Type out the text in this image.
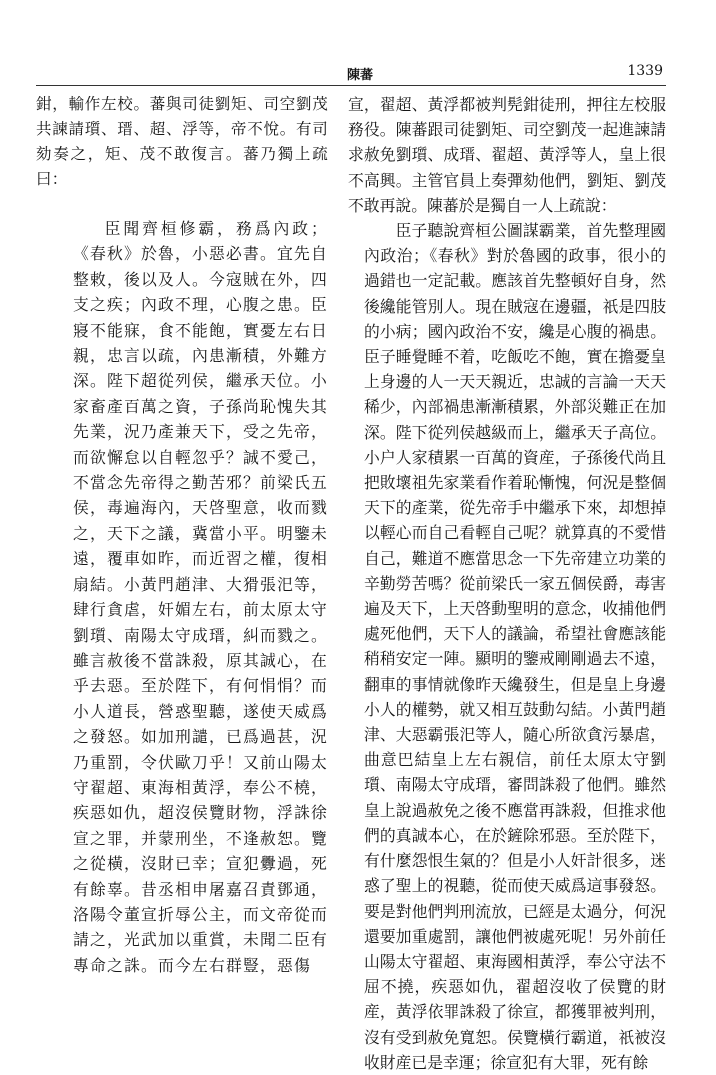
陳蕃	1339

鉗，輸作左校。蕃與司徒劉矩、司空劉茂共諫請瓆、瑨、超、浮等，帝不悅。有司劾奏之，矩、茂不敢復言。蕃乃獨上疏曰：

臣聞齊桓修霸，務爲內政；《春秋》於魯，小惡必書。宜先自整敕，後以及人。今寇賊在外，四支之疾；內政不理，心腹之患。臣寢不能寐，食不能飽，實憂左右日親，忠言以疏，內患漸積，外難方深。陛下超從列侯，繼承天位。小家畜產百萬之資，子孫尚恥愧失其先業，況乃產兼天下，受之先帝，而欲懈怠以自輕忽乎？誠不愛己，不當念先帝得之勤苦邪？前梁氏五侯，毒遍海內，天啓聖意，收而戮之，天下之議，冀當小平。明鑒未遠，覆車如昨，而近習之權，復相扇結。小黃門趙津、大猾張汜等，肆行貪虐，奸媚左右，前太原太守劉瓆、南陽太守成瑨，糾而戮之。雖言赦後不當誅殺，原其誠心，在乎去惡。至於陛下，有何悁悁？而小人道長，營惑聖聽，遂使天威爲之發怒。如加刑譴，已爲過甚，況乃重罰，令伏歐刀乎！又前山陽太守翟超、東海相黃浮，奉公不橈，疾惡如仇，超沒侯覽財物，浮誅徐宣之罪，并蒙刑坐，不逢赦恕。覽之從橫，沒財已幸；宣犯釁過，死有餘辜。昔丞相申屠嘉召責鄧通，洛陽令董宣折辱公主，而文帝從而請之，光武加以重賞，未聞二臣有專命之誅。而今左右群豎，惡傷

宣，翟超、黃浮都被判髡鉗徒刑，押往左校服務役。陳蕃跟司徒劉矩、司空劉茂一起進諫請求赦免劉瓆、成瑨、翟超、黃浮等人，皇上很不高興。主管官員上奏彈劾他們，劉矩、劉茂不敢再說。陳蕃於是獨自一人上疏說：

臣子聽說齊桓公圖謀霸業，首先整理國內政治；《春秋》對於魯國的政事，很小的過錯也一定記載。應該首先整頓好自身，然後纔能管別人。現在賊寇在邊疆，祇是四肢的小病；國內政治不安，纔是心腹的禍患。臣子睡覺睡不着，吃飯吃不飽，實在擔憂皇上身邊的人一天天親近，忠誠的言論一天天稀少，內部禍患漸漸積累，外部災難正在加深。陛下從列侯越級而上，繼承天子高位。小户人家積累一百萬的資産，子孫後代尚且把敗壞祖先家業看作着恥慚愧，何況是整個天下的產業，從先帝手中繼承下來，却想掉以輕心而自己看輕自己呢？就算真的不愛惜自己，難道不應當思念一下先帝建立功業的辛勤勞苦嗎？從前梁氏一家五個侯爵，毒害遍及天下，上天啓動聖明的意念，收捕他們處死他們，天下人的議論，希望社會應該能稍稍安定一陣。顯明的鑒戒剛剛過去不遠，翻車的事情就像昨天纔發生，但是皇上身邊小人的權勢，就又相互鼓動勾結。小黃門趙津、大惡霸張汜等人，隨心所欲貪污暴虐，曲意巴結皇上左右親信，前任太原太守劉瓆、南陽太守成瑨，審問誅殺了他們。雖然皇上說過赦免之後不應當再誅殺，但推求他們的真誠本心，在於鏟除邪惡。至於陛下，有什麼怨恨生氣的？但是小人奸計很多，迷惑了聖上的視聽，從而使天威爲這事發怒。要是對他們判刑流放，已經是太過分，何況還要加重處罰，讓他們被處死呢！另外前任山陽太守翟超、東海國相黃浮，奉公守法不屈不撓，疾惡如仇，翟超沒收了侯覽的財産，黃浮依罪誅殺了徐宣，都獲罪被判刑，沒有受到赦免寬恕。侯覽橫行霸道，祇被沒收財産已是幸運；徐宣犯有大罪，死有餘
